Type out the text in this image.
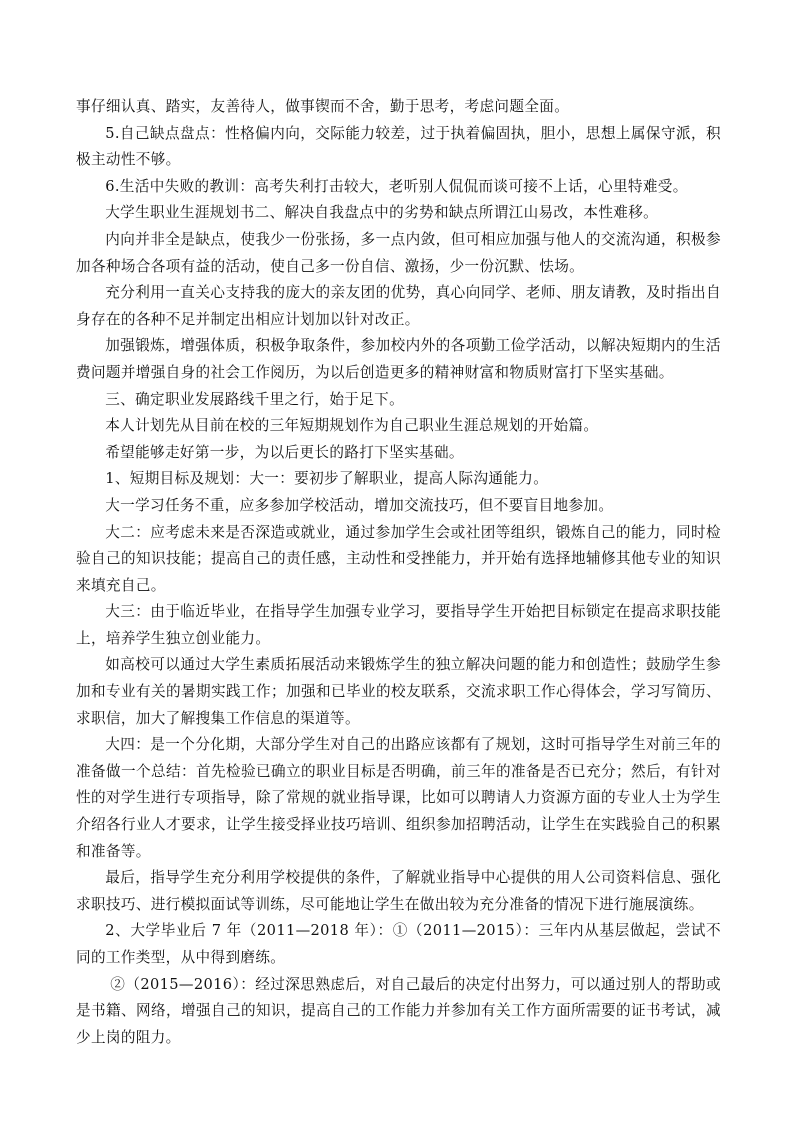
事仔细认真、踏实，友善待人，做事锲而不舍，勤于思考，考虑问题全面。

5.自己缺点盘点：性格偏内向，交际能力较差，过于执着偏固执，胆小，思想上属保守派，积极主动性不够。

6.生活中失败的教训：高考失利打击较大，老听别人侃侃而谈可接不上话，心里特难受。

大学生职业生涯规划书二、解决自我盘点中的劣势和缺点所谓江山易改，本性难移。

内向并非全是缺点，使我少一份张扬，多一点内敛，但可相应加强与他人的交流沟通，积极参加各种场合各项有益的活动，使自己多一份自信、激扬，少一份沉默、怯场。

充分利用一直关心支持我的庞大的亲友团的优势，真心向同学、老师、朋友请教，及时指出自身存在的各种不足并制定出相应计划加以针对改正。

加强锻炼，增强体质，积极争取条件，参加校内外的各项勤工俭学活动，以解决短期内的生活费问题并增强自身的社会工作阅历，为以后创造更多的精神财富和物质财富打下坚实基础。

三、确定职业发展路线千里之行，始于足下。

本人计划先从目前在校的三年短期规划作为自己职业生涯总规划的开始篇。

希望能够走好第一步，为以后更长的路打下坚实基础。

1、短期目标及规划：大一：要初步了解职业，提高人际沟通能力。

大一学习任务不重，应多参加学校活动，增加交流技巧，但不要盲目地参加。

大二：应考虑未来是否深造或就业，通过参加学生会或社团等组织，锻炼自己的能力，同时检验自己的知识技能；提高自己的责任感，主动性和受挫能力，并开始有选择地辅修其他专业的知识来填充自己。

大三：由于临近毕业，在指导学生加强专业学习，要指导学生开始把目标锁定在提高求职技能上，培养学生独立创业能力。

如高校可以通过大学生素质拓展活动来锻炼学生的独立解决问题的能力和创造性；鼓励学生参加和专业有关的暑期实践工作；加强和已毕业的校友联系，交流求职工作心得体会，学习写简历、求职信，加大了解搜集工作信息的渠道等。

大四：是一个分化期，大部分学生对自己的出路应该都有了规划，这时可指导学生对前三年的准备做一个总结：首先检验已确立的职业目标是否明确，前三年的准备是否已充分；然后，有针对性的对学生进行专项指导，除了常规的就业指导课，比如可以聘请人力资源方面的专业人士为学生介绍各行业人才要求，让学生接受择业技巧培训、组织参加招聘活动，让学生在实践验自己的积累和准备等。

最后，指导学生充分利用学校提供的条件，了解就业指导中心提供的用人公司资料信息、强化求职技巧、进行模拟面试等训练，尽可能地让学生在做出较为充分准备的情况下进行施展演练。

2、大学毕业后 7 年（2011—2018 年）：①（2011—2015）：三年内从基层做起，尝试不同的工作类型，从中得到磨练。

②（2015—2016）：经过深思熟虑后，对自己最后的决定付出努力，可以通过别人的帮助或是书籍、网络，增强自己的知识，提高自己的工作能力并参加有关工作方面所需要的证书考试，减少上岗的阻力。
